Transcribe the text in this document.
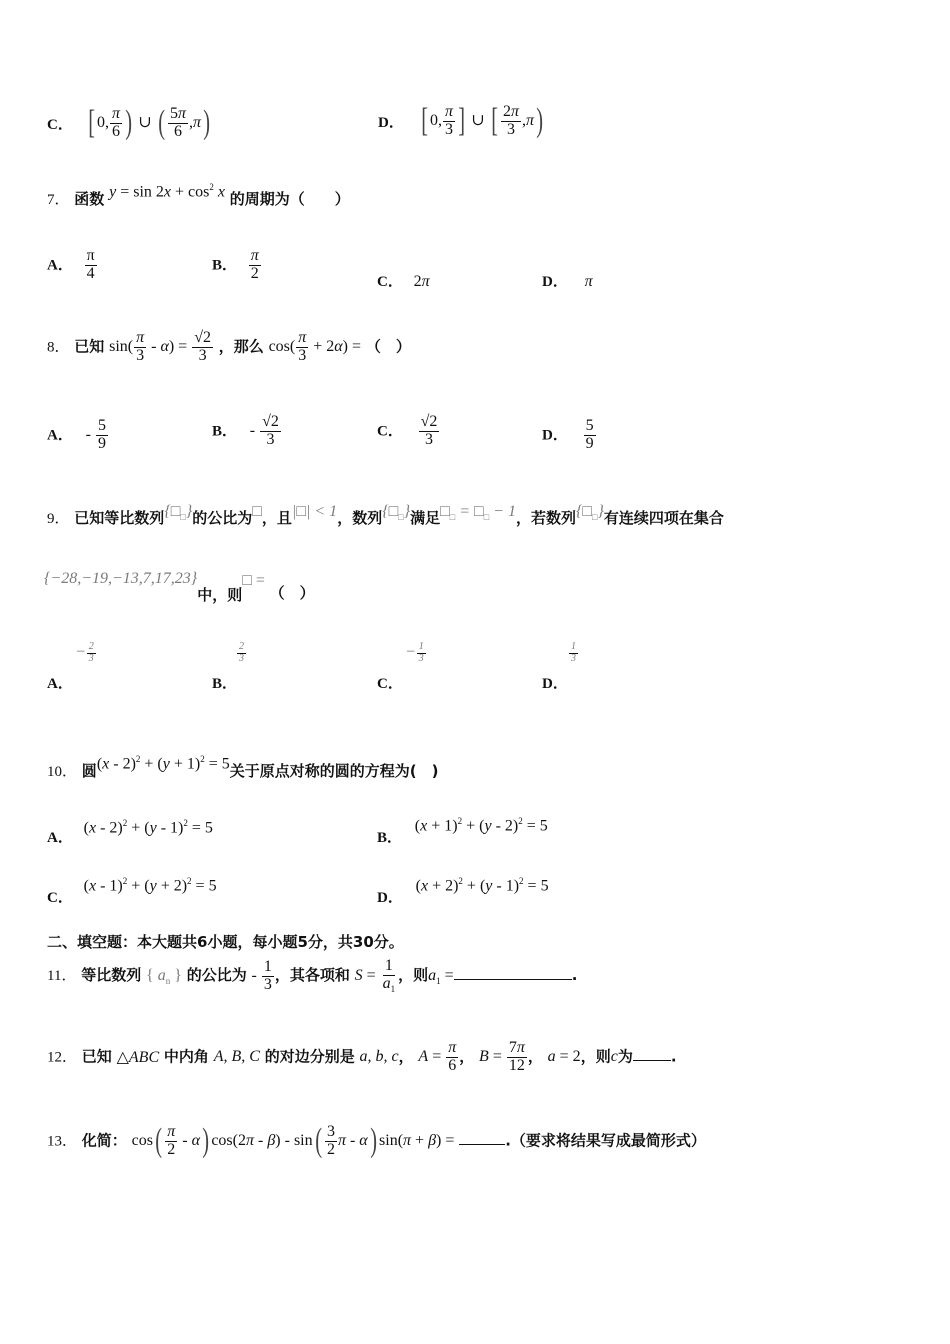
C． [ 0, $\frac{\pi}{6}$ ) ∪ ( $\frac{5\pi}{6} ,\pi$)	D． [ 0, $\frac{\pi}{3}$ ] ∪ [ $\frac{2\pi}{3} ,\pi$)
7． 函数 $y = \sin 2x + \cos^2 x$ 的周期为（　　）
A． $\frac{\pi}{4}$	B． $\frac{\pi}{2}$	C． 2π	D． π
8． 已知 $\sin( \frac{\pi}{3} - \alpha) = \frac{√2}{3}$ ，那么 $\cos( \frac{\pi}{3} + 2\alpha)$ = （　）
A． - $\frac{5}{9}$	B． - $\frac{√2}{3}$	C． $\frac{√2}{3}$	D． $\frac{5}{9}$
9． 已知等比数列$\{□_□\}$的公比为□，且|□| < 1，数列$\{□_□\}$满足$□_□$ = $□_□ - 1$，若数列$\{□_□\}$有连续四项在集合
{−28,−19,−13,7,17,23}中，则□ = （　）
− $\frac{2}{3}$
A．
$\frac{2}{3}$
B．
− $\frac{1}{3}$
C．
$\frac{1}{3}$
D．
10． 圆$(x - 2)^2 + (y + 1)^2 = 5$关于原点对称的圆的方程为(　)
A． (x - 2)$^2$ + (y - 1)$^2$ = 5
B． $(x + 1)^2 + (y - 2)^2 = 5$
C． $(x - 1)^2 + (y + 2)^2 = 5$
D． $(x + 2)^2 + (y - 1)^2 = 5$
二、填空题：本大题共6小题，每小题5分，共30分。
11． 等比数列 { $a_n$ } 的公比为 - $\frac{1}{3}$ ，其各项和 $S = \frac{1}{a_1}$ ，则$a_1$ =	.
12． 已知 △ABC 中内角 A, B, C 的对边分别是 a, b, c， $A = \frac{\pi}{6}$ ， $B = \frac{7\pi}{12}$ ， a = 2，则c为	.
13． 化简： $\cos( \frac{\pi}{2} - \alpha)$ $\cos(2\pi - \beta) - \sin( \frac{3}{2}$ π - α) sin(π + β) =	.（要求将结果写成最简形式）
